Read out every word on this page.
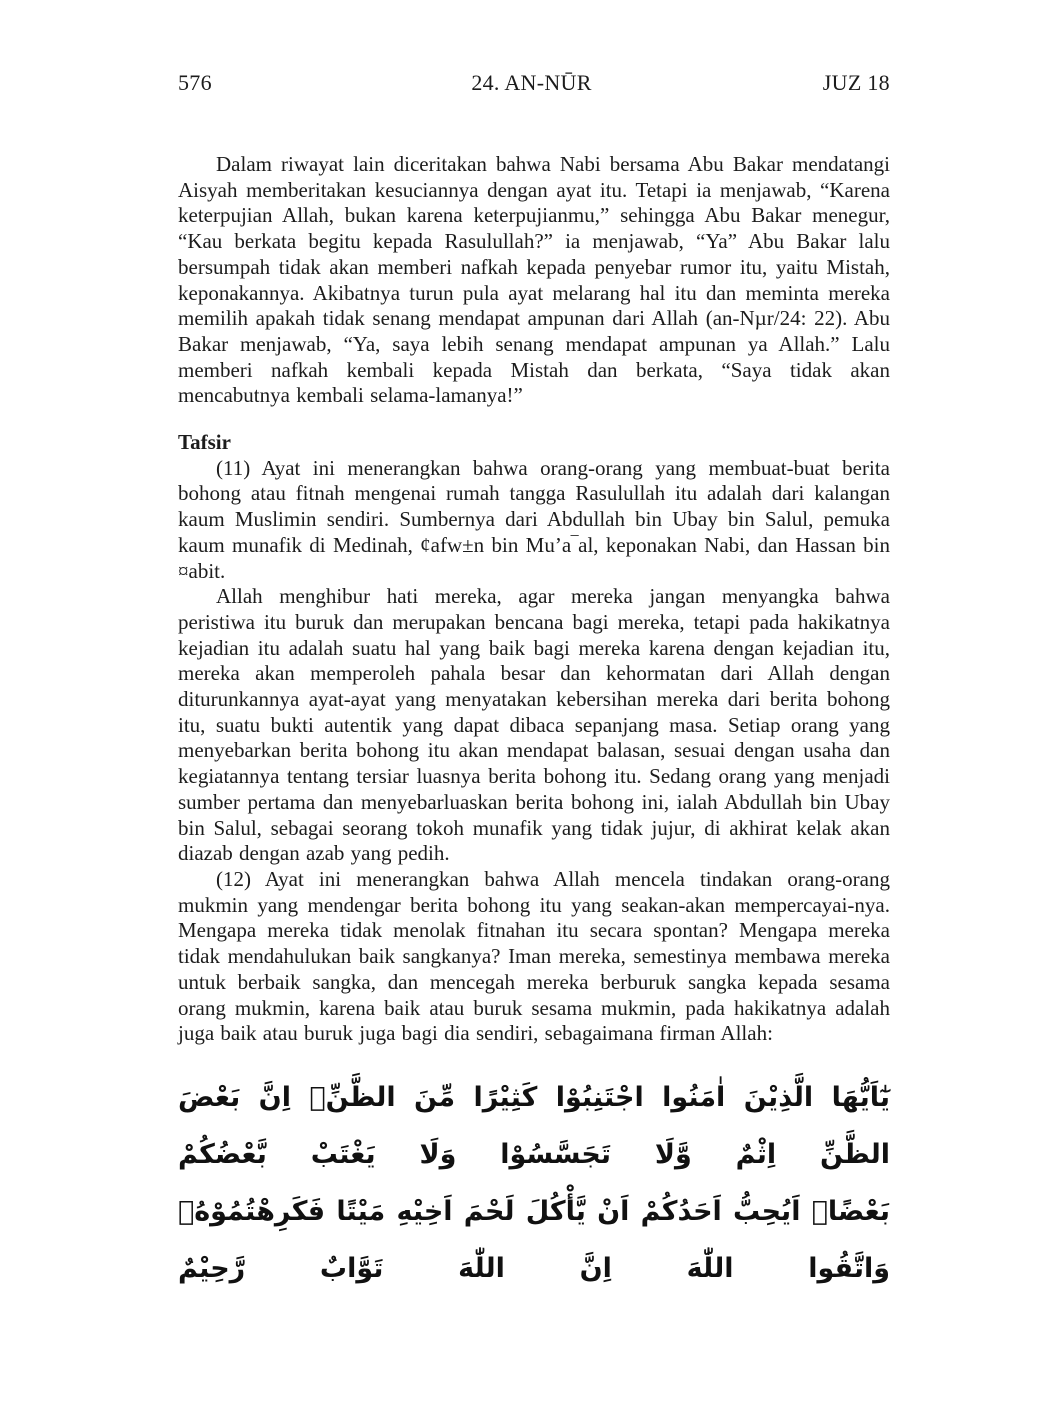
576	24. AN-NŪR	JUZ 18

Dalam riwayat lain diceritakan bahwa Nabi bersama Abu Bakar mendatangi Aisyah memberitakan kesuciannya dengan ayat itu. Tetapi ia menjawab, “Karena keterpujian Allah, bukan karena keterpujianmu,” sehingga Abu Bakar menegur, “Kau berkata begitu kepada Rasulullah?” ia menjawab, “Ya” Abu Bakar lalu bersumpah tidak akan memberi nafkah kepada penyebar rumor itu, yaitu Mistah, keponakannya. Akibatnya turun pula ayat melarang hal itu dan meminta mereka memilih apakah tidak senang mendapat ampunan dari Allah (an-Nµr/24: 22). Abu Bakar menjawab, “Ya, saya lebih senang mendapat ampunan ya Allah.” Lalu memberi nafkah kembali kepada Mistah dan berkata, “Saya tidak akan mencabutnya kembali selama-lamanya!”

Tafsir

(11) Ayat ini menerangkan bahwa orang-orang yang membuat-buat berita bohong atau fitnah mengenai rumah tangga Rasulullah itu adalah dari kalangan kaum Muslimin sendiri. Sumbernya dari Abdullah bin Ubay bin Salul, pemuka kaum munafik di Medinah, ¢afw±n bin Mu’a‾al, keponakan Nabi, dan Hassan bin ¤abit.

Allah menghibur hati mereka, agar mereka jangan menyangka bahwa peristiwa itu buruk dan merupakan bencana bagi mereka, tetapi pada hakikatnya kejadian itu adalah suatu hal yang baik bagi mereka karena dengan kejadian itu, mereka akan memperoleh pahala besar dan kehormatan dari Allah dengan diturunkannya ayat-ayat yang menyatakan kebersihan mereka dari berita bohong itu, suatu bukti autentik yang dapat dibaca sepanjang masa. Setiap orang yang menyebarkan berita bohong itu akan mendapat balasan, sesuai dengan usaha dan kegiatannya tentang tersiar luasnya berita bohong itu. Sedang orang yang menjadi sumber pertama dan menyebarluaskan berita bohong ini, ialah Abdullah bin Ubay bin Salul, sebagai seorang tokoh munafik yang tidak jujur, di akhirat kelak akan diazab dengan azab yang pedih.

(12) Ayat ini menerangkan bahwa Allah mencela tindakan orang-orang mukmin yang mendengar berita bohong itu yang seakan-akan mempercayai-nya. Mengapa mereka tidak menolak fitnahan itu secara spontan? Mengapa mereka tidak mendahulukan baik sangkanya? Iman mereka, semestinya membawa mereka untuk berbaik sangka, dan mencegah mereka berburuk sangka kepada sesama orang mukmin, karena baik atau buruk sesama mukmin, pada hakikatnya adalah juga baik atau buruk juga bagi dia sendiri, sebagaimana firman Allah:

يٰٓاَيُّهَا الَّذِيْنَ اٰمَنُوا اجْتَنِبُوْا كَثِيْرًا مِّنَ الظَّنِّۖ اِنَّ بَعْضَ الظَّنِّ اِثْمٌ وَّلَا تَجَسَّسُوْا وَلَا يَغْتَبْ بَّعْضُكُمْ
بَعْضًاۗ اَيُحِبُّ اَحَدُكُمْ اَنْ يَّأْكُلَ لَحْمَ اَخِيْهِ مَيْتًا فَكَرِهْتُمُوْهُۗ وَاتَّقُوا اللّٰهَ اِنَّ اللّٰهَ تَوَّابٌ رَّحِيْمٌ
